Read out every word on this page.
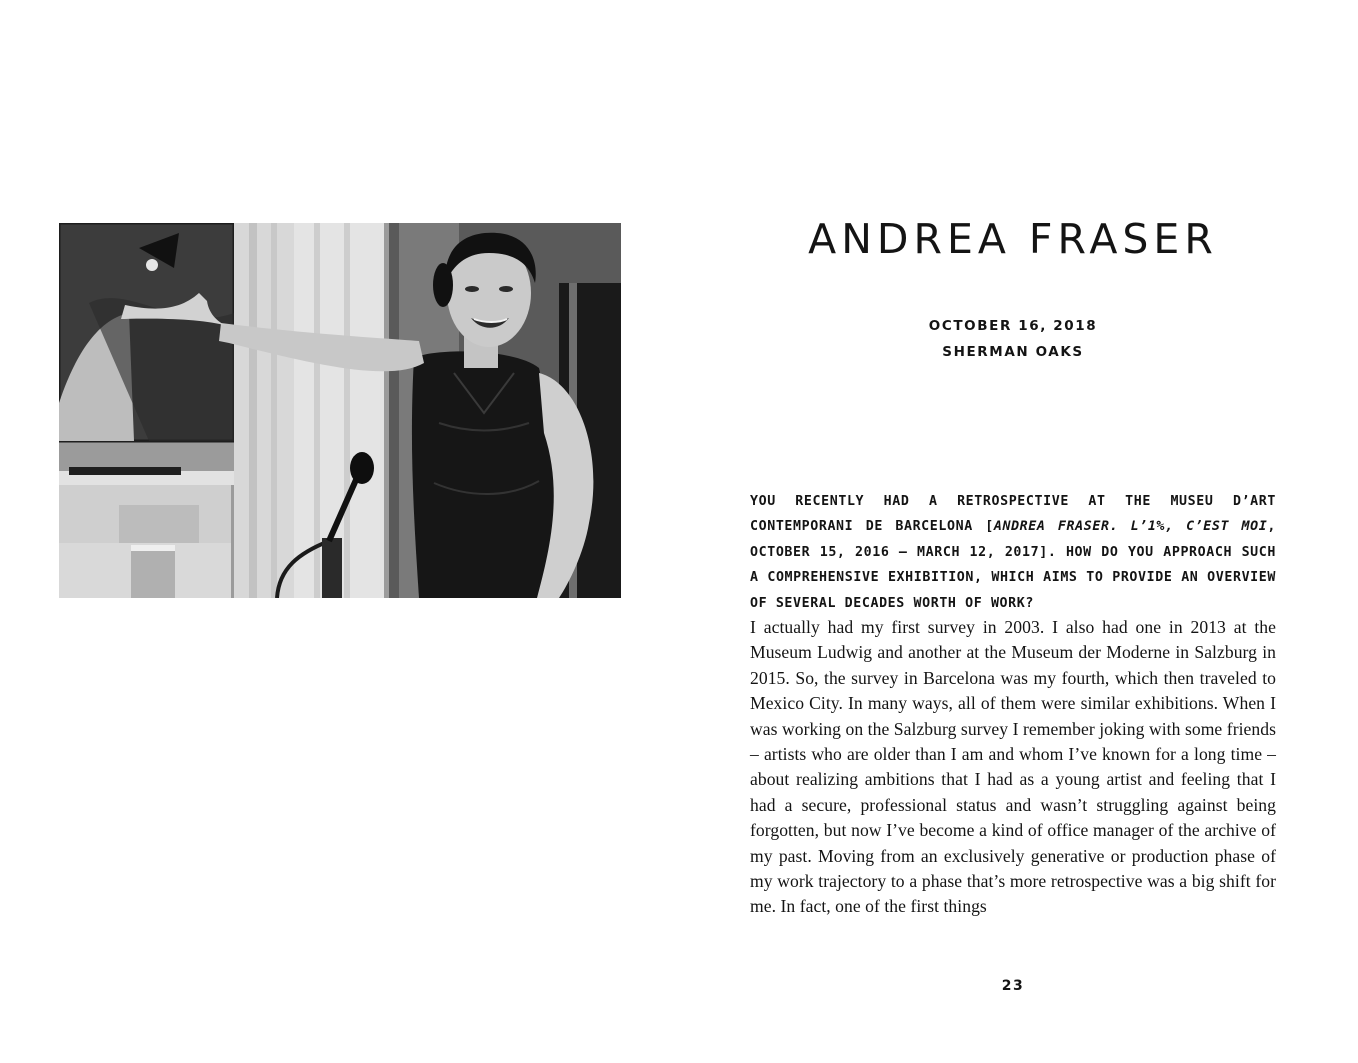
ANDREA FRASER
OCTOBER 16, 2018
SHERMAN OAKS

YOU RECENTLY HAD A RETROSPECTIVE AT THE MUSEU D’ART CONTEMPORANI DE BARCELONA [ANDREA FRASER. L’1%, C’EST MOI, OCTOBER 15, 2016 – MARCH 12, 2017]. HOW DO YOU APPROACH SUCH A COMPREHENSIVE EXHIBITION, WHICH AIMS TO PROVIDE AN OVERVIEW OF SEVERAL DECADES WORTH OF WORK?

I actually had my first survey in 2003. I also had one in 2013 at the Museum Ludwig and another at the Museum der Moderne in Salzburg in 2015. So, the survey in Barcelona was my fourth, which then traveled to Mexico City. In many ways, all of them were similar exhibitions. When I was working on the Salzburg survey I remember joking with some friends – artists who are older than I am and whom I’ve known for a long time – about realizing ambitions that I had as a young artist and feeling that I had a secure, professional status and wasn’t struggling against being forgotten, but now I’ve become a kind of office manager of the archive of my past. Moving from an exclusively generative or production phase of my work trajectory to a phase that’s more retrospective was a big shift for me. In fact, one of the first things

23
